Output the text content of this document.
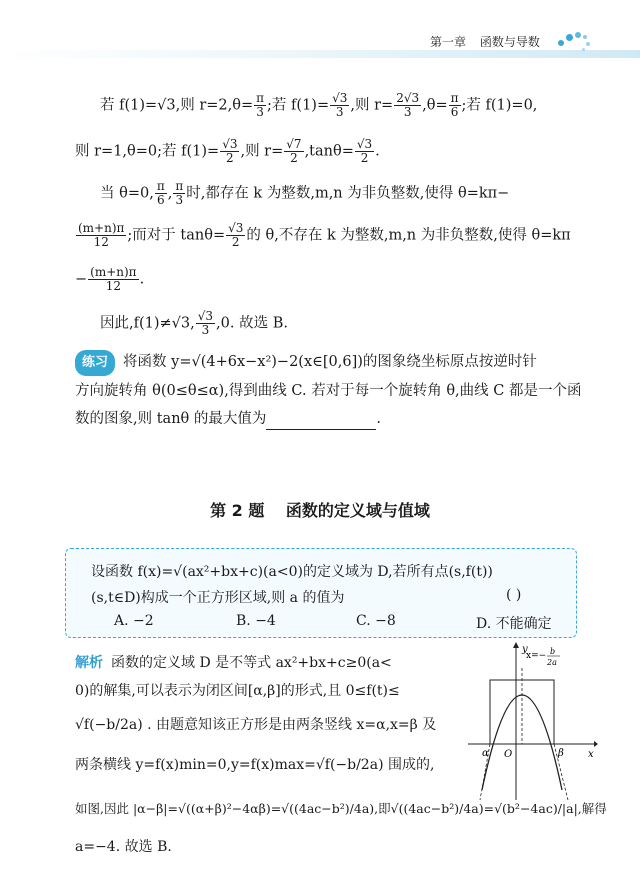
第一章 函数与导数
若 f(1)=√3,则 $r=2,\theta= \frac{\pi}{3}$ ;若 $f(1)= \frac{√3}{3}$ ,则 $r= \frac{2√3}{3} ,\theta= \frac{\pi}{6}$ ;若 f(1)=0,
则 r=1,θ=0;若 $f(1)= \frac{√3}{2}$ ,则 $r= \frac{√7}{2} ,\tan\theta= \frac{√3}{2}$ .
当 θ=0, $\frac{\pi}{6}$ , $\frac{\pi}{3}$ 时,都存在 k 为整数,m,n 为非负整数,使得 θ=kπ−
$\frac{(m+n)\pi}{12}$ ;而对于 $\tan\theta= \frac{√3}{2}$ 的 θ,不存在 k 为整数,m,n 为非负整数,使得 θ=kπ
− $\frac{(m+n)\pi}{12}$ .
因此,f(1)≠√3, $\frac{√3}{3} ,0$. 故选 B.
练习 将函数 y=√(4+6x−x²)−2(x∈[0,6])的图象绕坐标原点按逆时针
方向旋转角 θ(0≤θ≤α),得到曲线 C. 若对于每一个旋转角 θ,曲线 C 都是一个函
数的图象,则 tanθ 的最大值为	.
第 2 题 函数的定义域与值域
设函数 f(x)=√(ax²+bx+c)(a<0)的定义域为 D,若所有点(s,f(t))
(s,t∈D)构成一个正方形区域,则 a 的值为	( )
A. −2	B. −4	C. −8	D. 不能确定
解析 函数的定义域 D 是不等式 ax²+bx+c≥0(a<
0)的解集,可以表示为闭区间[α,β]的形式,且 0≤f(t)≤
√f(−b/2a) . 由题意知该正方形是由两条竖线 x=α,x=β 及
两条横线 y=f(x)min=0,y=f(x)max=√f(−b/2a) 围成的,
如图,因此 |α−β|=√((α+β)²−4αβ)=√((4ac−b²)/4a),即√((4ac−b²)/4a)=√(b²−4ac)/|a|,解得
a=−4. 故选 B.
y
x
O
α	β
x=− b
2a
